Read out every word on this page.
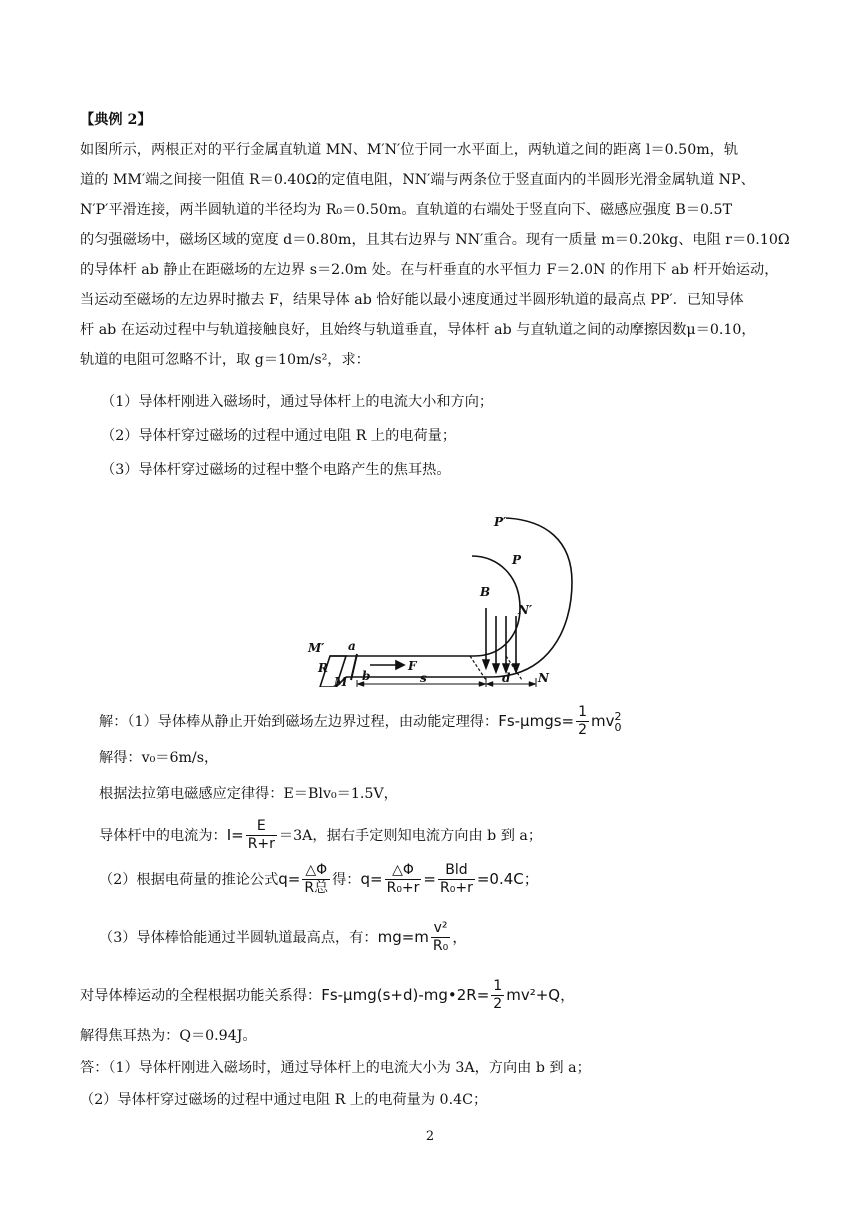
【典例 2】
如图所示，两根正对的平行金属直轨道 MN、M′N′位于同一水平面上，两轨道之间的距离 l＝0.50m，轨
道的 MM′端之间接一阻值 R＝0.40Ω的定值电阻，NN′端与两条位于竖直面内的半圆形光滑金属轨道 NP、
N′P′平滑连接，两半圆轨道的半径均为 R₀＝0.50m。直轨道的右端处于竖直向下、磁感应强度 B＝0.5T
的匀强磁场中，磁场区域的宽度 d＝0.80m，且其右边界与 NN′重合。现有一质量 m＝0.20kg、电阻 r＝0.10Ω
的导体杆 ab 静止在距磁场的左边界 s＝2.0m 处。在与杆垂直的水平恒力 F＝2.0N 的作用下 ab 杆开始运动，
当运动至磁场的左边界时撤去 F，结果导体 ab 恰好能以最小速度通过半圆形轨道的最高点 PP′．已知导体
杆 ab 在运动过程中与轨道接触良好，且始终与轨道垂直，导体杆 ab 与直轨道之间的动摩擦因数μ＝0.10，
轨道的电阻可忽略不计，取 g＝10m/s²，求：
（1）导体杆刚进入磁场时，通过导体杆上的电流大小和方向；
（2）导体杆穿过磁场的过程中通过电阻 R 上的电荷量；
（3）导体杆穿过磁场的过程中整个电路产生的焦耳热。
P′
P
B
N′
M′ a
F
R
M b	s	d N
解：（1）导体棒从静止开始到磁场左边界过程，由动能定理得：$Fs-\mu mgs= \frac{1}{2}$ mv 2
0
解得：v₀＝6m/s，
根据法拉第电磁感应定律得：E＝Blv₀＝1.5V，
导体杆中的电流为：$I= \frac{E}{R+r} =3A$，据右手定则知电流方向由 b 到 a；
（2）根据电荷量的推论公式$q= \frac{\triangle\Phi}{\text{R总}}$ 得：$q= \frac{\triangle\Phi}{\text{R₀+r}} = \frac{\text{Bld}}{\text{R₀+r}} =0.4C$；
（3）导体棒恰能通过半圆轨道最高点，有：$mg=m \frac{\text{v²}}{\text{R₀}}$ ，
对导体棒运动的全程根据功能关系得：Fs-μmg(s+d)-mg•2R= $\frac{1}{2} mv^2+Q$，
解得焦耳热为：Q＝0.94J。
答：（1）导体杆刚进入磁场时，通过导体杆上的电流大小为 3A，方向由 b 到 a；
（2）导体杆穿过磁场的过程中通过电阻 R 上的电荷量为 0.4C；
2
